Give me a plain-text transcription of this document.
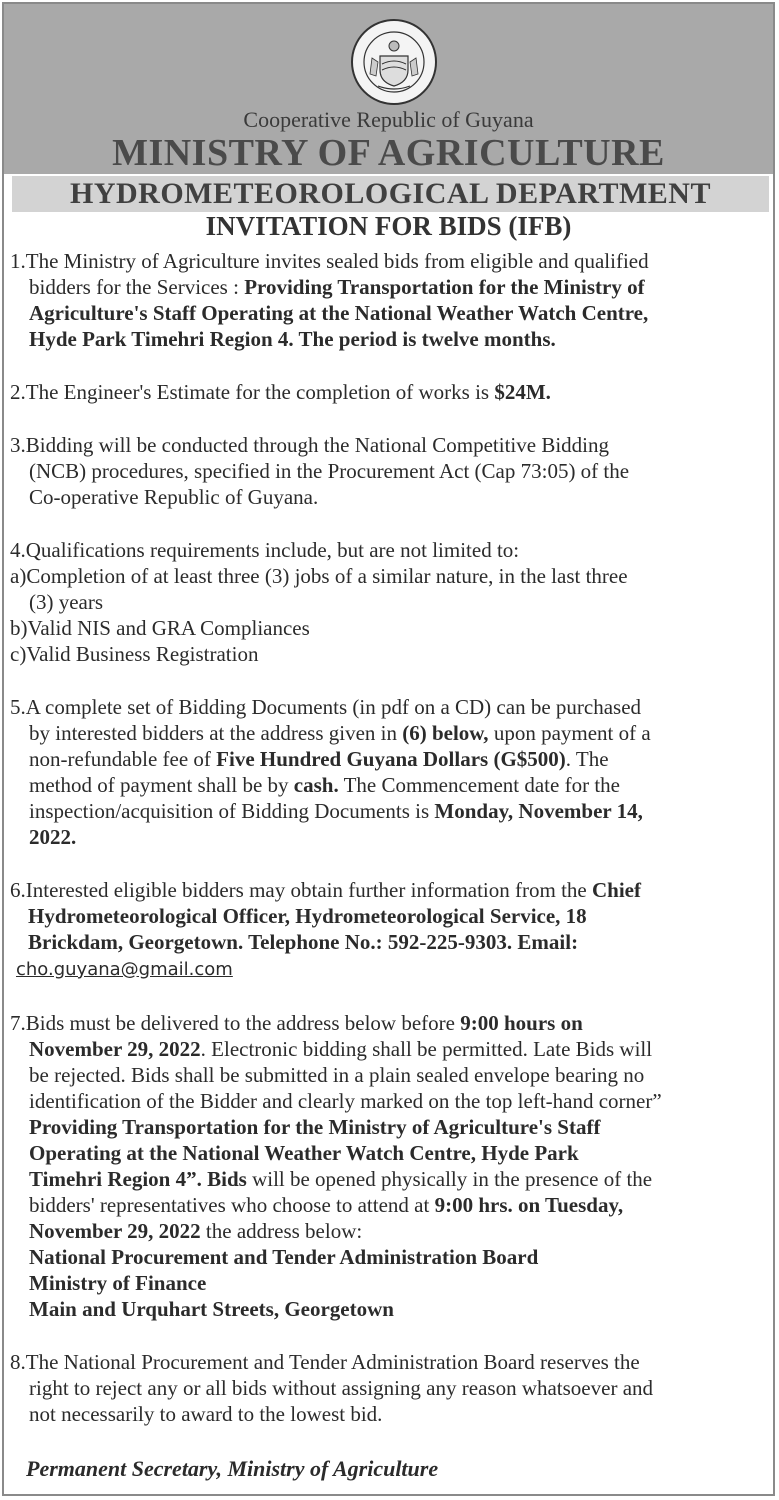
Cooperative Republic of Guyana
MINISTRY OF AGRICULTURE
HYDROMETEOROLOGICAL DEPARTMENT
INVITATION FOR BIDS (IFB)
1.The Ministry of Agriculture invites sealed bids from eligible and qualified
bidders for the Services : Providing Transportation for the Ministry of
Agriculture's Staff Operating at the National Weather Watch Centre,
Hyde Park Timehri Region 4. The period is twelve months.
2.The Engineer's Estimate for the completion of works is $24M.
3.Bidding will be conducted through the National Competitive Bidding
(NCB) procedures, specified in the Procurement Act (Cap 73:05) of the
Co-operative Republic of Guyana.
4.Qualifications requirements include, but are not limited to:
a)Completion of at least three (3) jobs of a similar nature, in the last three
(3) years
b)Valid NIS and GRA Compliances
c)Valid Business Registration
5.A complete set of Bidding Documents (in pdf on a CD) can be purchased
by interested bidders at the address given in (6) below, upon payment of a
non-refundable fee of Five Hundred Guyana Dollars (G$500). The
method of payment shall be by cash. The Commencement date for the
inspection/acquisition of Bidding Documents is Monday, November 14,
2022.
6.Interested eligible bidders may obtain further information from the Chief
Hydrometeorological Officer, Hydrometeorological Service, 18
Brickdam, Georgetown. Telephone No.: 592-225-9303. Email:
cho.guyana@gmail.com
7.Bids must be delivered to the address below before 9:00 hours on
November 29, 2022. Electronic bidding shall be permitted. Late Bids will
be rejected. Bids shall be submitted in a plain sealed envelope bearing no
identification of the Bidder and clearly marked on the top left-hand corner”
Providing Transportation for the Ministry of Agriculture's Staff
Operating at the National Weather Watch Centre, Hyde Park
Timehri Region 4”. Bids will be opened physically in the presence of the
bidders' representatives who choose to attend at 9:00 hrs. on Tuesday,
November 29, 2022 the address below:
National Procurement and Tender Administration Board
Ministry of Finance
Main and Urquhart Streets, Georgetown
8.The National Procurement and Tender Administration Board reserves the
right to reject any or all bids without assigning any reason whatsoever and
not necessarily to award to the lowest bid.
Permanent Secretary, Ministry of Agriculture
